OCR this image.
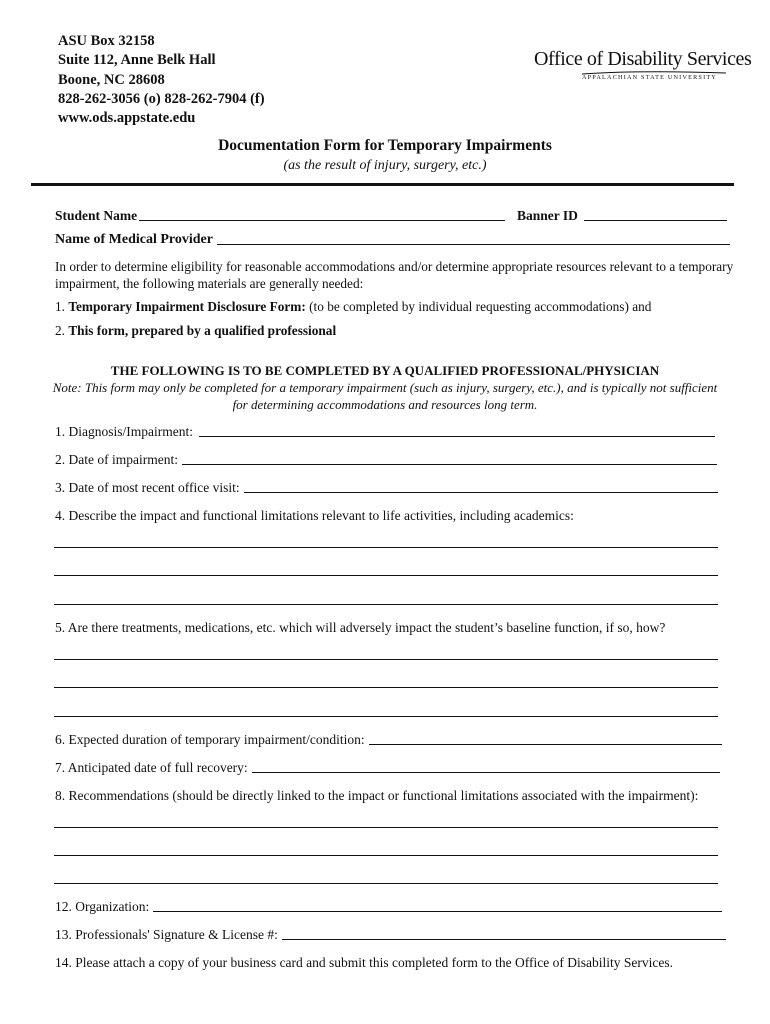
ASU Box 32158
Suite 112, Anne Belk Hall
Boone, NC 28608
828-262-3056 (o) 828-262-7904 (f)
www.ods.appstate.edu
Office of Disability Services
APPALACHIAN STATE UNIVERSITY
Documentation Form for Temporary Impairments
(as the result of injury, surgery, etc.)
Student Name	Banner ID
Name of Medical Provider
In order to determine eligibility for reasonable accommodations and/or determine appropriate resources relevant to a temporary impairment, the following materials are generally needed:
1. Temporary Impairment Disclosure Form: (to be completed by individual requesting accommodations) and
2. This form, prepared by a qualified professional
THE FOLLOWING IS TO BE COMPLETED BY A QUALIFIED PROFESSIONAL/PHYSICIAN
Note: This form may only be completed for a temporary impairment (such as injury, surgery, etc.), and is typically not sufficient for determining accommodations and resources long term.
1. Diagnosis/Impairment:
2. Date of impairment:
3. Date of most recent office visit:
4. Describe the impact and functional limitations relevant to life activities, including academics:
5. Are there treatments, medications, etc. which will adversely impact the student’s baseline function, if so, how?
6. Expected duration of temporary impairment/condition:
7. Anticipated date of full recovery:
8. Recommendations (should be directly linked to the impact or functional limitations associated with the impairment):
12. Organization:
13. Professionals' Signature & License #:
14. Please attach a copy of your business card and submit this completed form to the Office of Disability Services.
